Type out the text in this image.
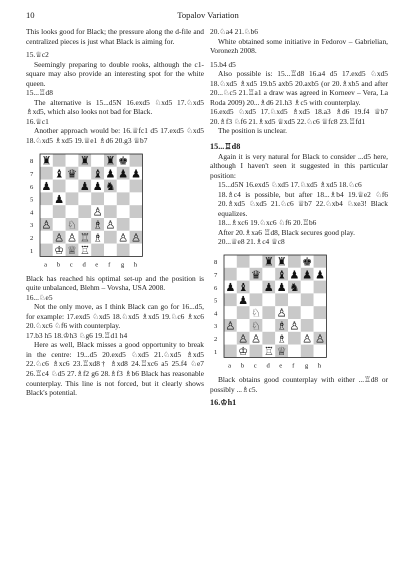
10	Topalov Variation

This looks good for Black; the pressure along the d-file and centralized pieces is just what Black is aiming for.

15.♕c2

Seemingly preparing to double rooks, although the c1-square may also provide an interesting spot for the white queen.

15...♖d8

The alternative is 15...d5N 16.exd5 ♘xd5 17.♘xd5 ♗xd5, which also looks not bad for Black.

16.♕c1

Another approach would be: 16.♕fc1 d5 17.exd5 ♘xd5 18.♘xd5 ♗xd5 19.♕e1 ♗d6 20.g3 ♕b7

8
7
6
5
4
3
2
1
a b c d e f g h
♜ ♚
♜	♜
♝ ♛ ♝ ♟ ♟ ♟
♟	♟ ♟ ♞
♟
♙
♙ ♘ ♗ ♙
♙ ♙ ♖ ♗ ♙ ♙
♔ ♕ ♖

Black has reached his optimal set-up and the position is quite unbalanced, Blehm – Vovsha, USA 2008.

16...♘e5

Not the only move, as I think Black can go for 16...d5, for example: 17.exd5 ♘xd5 18.♘xd5 ♗xd5 19.♘c6 ♗xc6 20.♘xc6 ♘f6 with counterplay.

17.b3 h5 18.♔h3 ♘g6 19.♖d1 h4

Here as well, Black misses a good opportunity to break in the centre: 19...d5 20.exd5 ♘xd5 21.♘xd5 ♗xd5 22.♘c6 ♗xc6 23.♖xd8† ♗xd8 24.♖xc6 a5 25.f4 ♘e7 26.♖c4 ♘d5 27.♗f2 g6 28.♗f3 ♗b6 Black has reasonable counterplay. This line is not forced, but it clearly shows Black's potential.

20.♘a4 21.♘b6

White obtained some initiative in Fedorov – Gabrielian, Voronezh 2008.

15.b4 d5

Also possible is: 15...♖d8 16.a4 d5 17.exd5 ♘xd5 18.♘xd5 ♗xd5 19.b5 axb5 20.axb5 (or 20.♗xb5 and after 20...♘c5 21.♖a1 a draw was agreed in Korneev – Vera, La Roda 2009) 20...♗d6 21.h3 ♗c5 with counterplay.

16.exd5 ♘xd5 17.♘xd5 ♗xd5 18.a3 ♗d6 19.f4 ♕b7 20.♗f3 ♘f6 21.♗xd5 ♕xd5 22.♘c6 ♕fc8 23.♖fd1

The position is unclear.

15...♖d8

Again it is very natural for Black to consider ...d5 here, although I haven't seen it suggested in this particular position:

15...d5N 16.exd5 ♘xd5 17.♘xd5 ♗xd5 18.♘c6

18.♗c4 is possible, but after 18...♗b4 19.♕e2 ♘f6 20.♗xd5 ♘xd5 21.♘c6 ♕b7 22.♘xb4 ♘xe3! Black equalizes.

18...♗xc6 19.♘xc6 ♘f6 20.♖b6

After 20.♗xa6 ♖d8, Black secures good play.

20...♕e8 21.♗c4 ♕c8

8
7
6
5
4
3
2
1
a b c d e f g h
♜ ♜ ♚
♛ ♝ ♟ ♟ ♟
♟ ♝ ♟ ♟ ♞
♟
♘ ♙
♙ ♘ ♗ ♙
♙ ♙ ♗ ♙ ♙
♔ ♖ ♕

Black obtains good counterplay with either ...♖d8 or possibly ...♗c5.

16.♔h1
